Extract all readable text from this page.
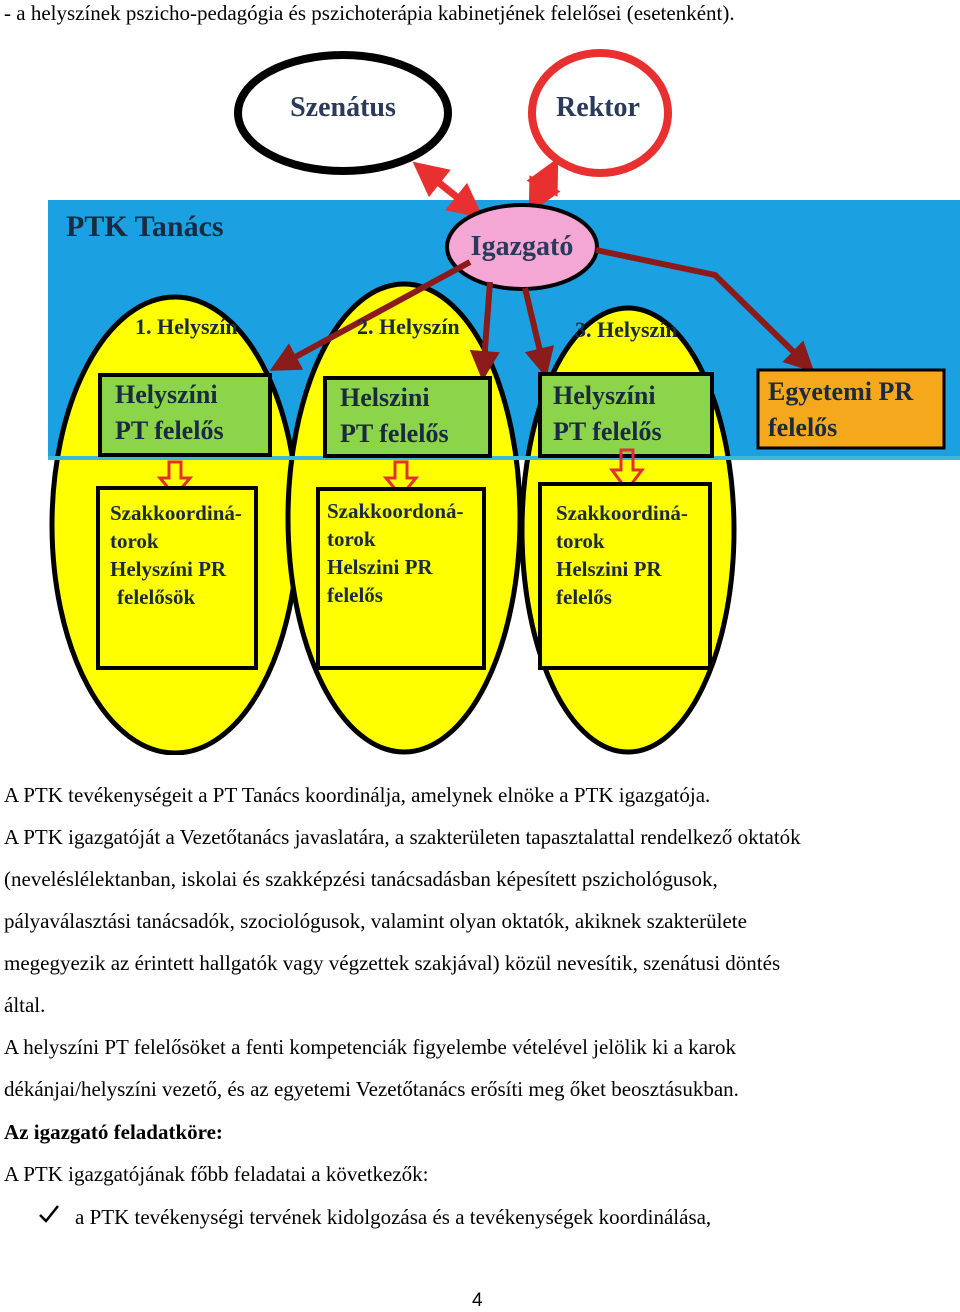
- a helyszínek pszicho-pedagógia és pszichoterápia kabinetjének felelősei (esetenként).
PTK Tanács
Szenátus	Rektor
Igazgató
1. Helyszín	2. Helyszín	3. Helyszín
Helyszíni
PT felelős
Helszini
PT felelős
Helyszíni
PT felelős
Egyetemi PR
felelős
Szakkoordiná- torok Helyszíni PR felelősök
Szakkoordoná- torok Helszini PR felelős
Szakkoordiná- torok Helszini PR felelős
A PTK tevékenységeit a PT Tanács koordinálja, amelynek elnöke a PTK igazgatója.
A PTK igazgatóját a Vezetőtanács javaslatára, a szakterületen tapasztalattal rendelkező oktatók
(neveléslélektanban, iskolai és szakképzési tanácsadásban képesített pszichológusok,
pályaválasztási tanácsadók, szociológusok, valamint olyan oktatók, akiknek szakterülete
megegyezik az érintett hallgatók vagy végzettek szakjával) közül nevesítik, szenátusi döntés
által.
A helyszíni PT felelősöket a fenti kompetenciák figyelembe vételével jelölik ki a karok
dékánjai/helyszíni vezető, és az egyetemi Vezetőtanács erősíti meg őket beosztásukban.
Az igazgató feladatköre:
A PTK igazgatójának főbb feladatai a következők:
a PTK tevékenységi tervének kidolgozása és a tevékenységek koordinálása,
4
